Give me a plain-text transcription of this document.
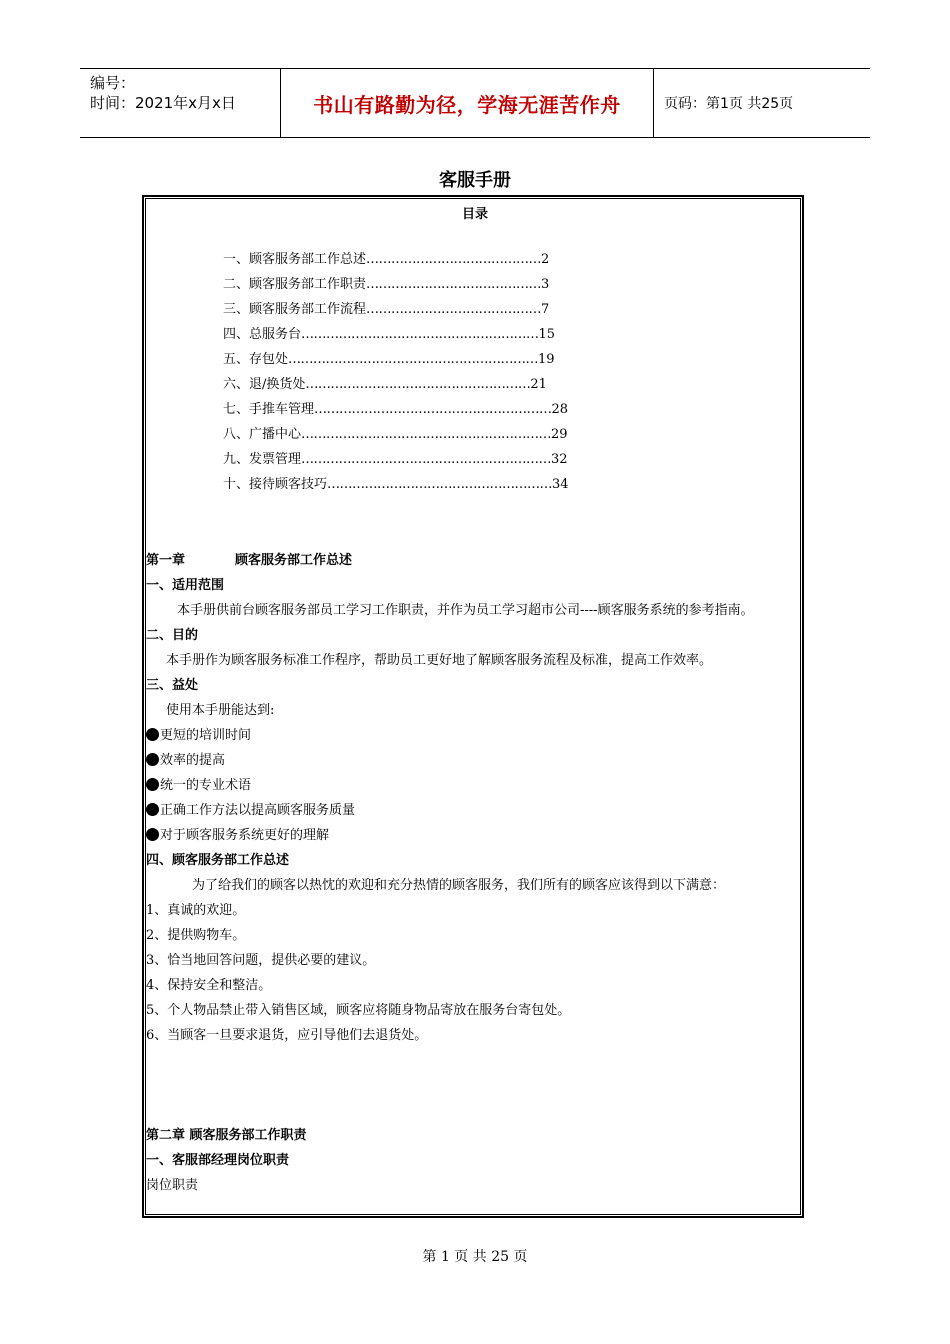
编号：
时间：2021年x月x日	书山有路勤为径，学海无涯苦作舟	页码：第1页 共25页
客服手册
目录
一、顾客服务部工作总述……………………………………2
二、顾客服务部工作职责……………………………………3
三、顾客服务部工作流程……………………………………7
四、总服务台…………………………………………………15
五、存包处……………………………………………………19
六、退/换货处………………………………………………21
七、手推车管理…………………………………………………28
八、广播中心……………………………………………………29
九、发票管理……………………………………………………32
十、接待顾客技巧………………………………………………34
第一章	顾客服务部工作总述
一、适用范围
本手册供前台顾客服务部员工学习工作职责，并作为员工学习超市公司----顾客服务系统的参考指南。
二、目的
本手册作为顾客服务标准工作程序，帮助员工更好地了解顾客服务流程及标准，提高工作效率。
三、益处
使用本手册能达到:
更短的培训时间
效率的提高
统一的专业术语
正确工作方法以提高顾客服务质量
对于顾客服务系统更好的理解
四、顾客服务部工作总述
为了给我们的顾客以热忱的欢迎和充分热情的顾客服务，我们所有的顾客应该得到以下满意：
1、真诚的欢迎。
2、提供购物车。
3、恰当地回答问题，提供必要的建议。
4、保持安全和整洁。
5、个人物品禁止带入销售区域，顾客应将随身物品寄放在服务台寄包处。
6、当顾客一旦要求退货，应引导他们去退货处。
第二章 顾客服务部工作职责
一、客服部经理岗位职责
岗位职责
第 1 页 共 25 页
